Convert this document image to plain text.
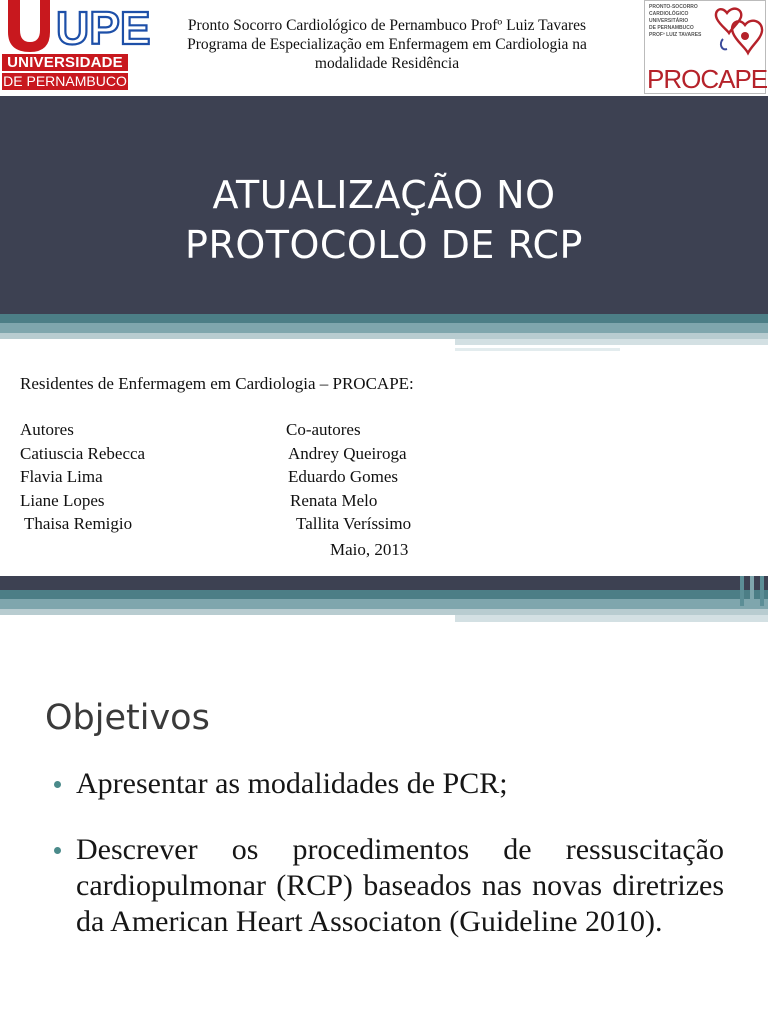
UPE
UNIVERSIDADE
DE PERNAMBUCO
Pronto Socorro Cardiológico de Pernambuco Profº Luiz Tavares
Programa de Especialização em Enfermagem em Cardiologia na
modalidade Residência
PRONTO-SOCORRO
CARDIOLÓGICO
UNIVERSITÁRIO
DE PERNAMBUCO
PROFº LUIZ TAVARES
PROCAPE
ATUALIZAÇÃO NO
PROTOCOLO DE RCP
Residentes de Enfermagem em Cardiologia – PROCAPE:
Autores
Catiuscia Rebecca
Flavia Lima
Liane Lopes
Thaisa Remigio
Co-autores
Andrey Queiroga
Eduardo Gomes
Renata Melo
Tallita Veríssimo
Maio, 2013
Objetivos
Apresentar as modalidades de PCR;
Descrever os procedimentos de ressuscitação cardiopulmonar (RCP) baseados nas novas diretrizes da American Heart Associaton (Guideline 2010).
